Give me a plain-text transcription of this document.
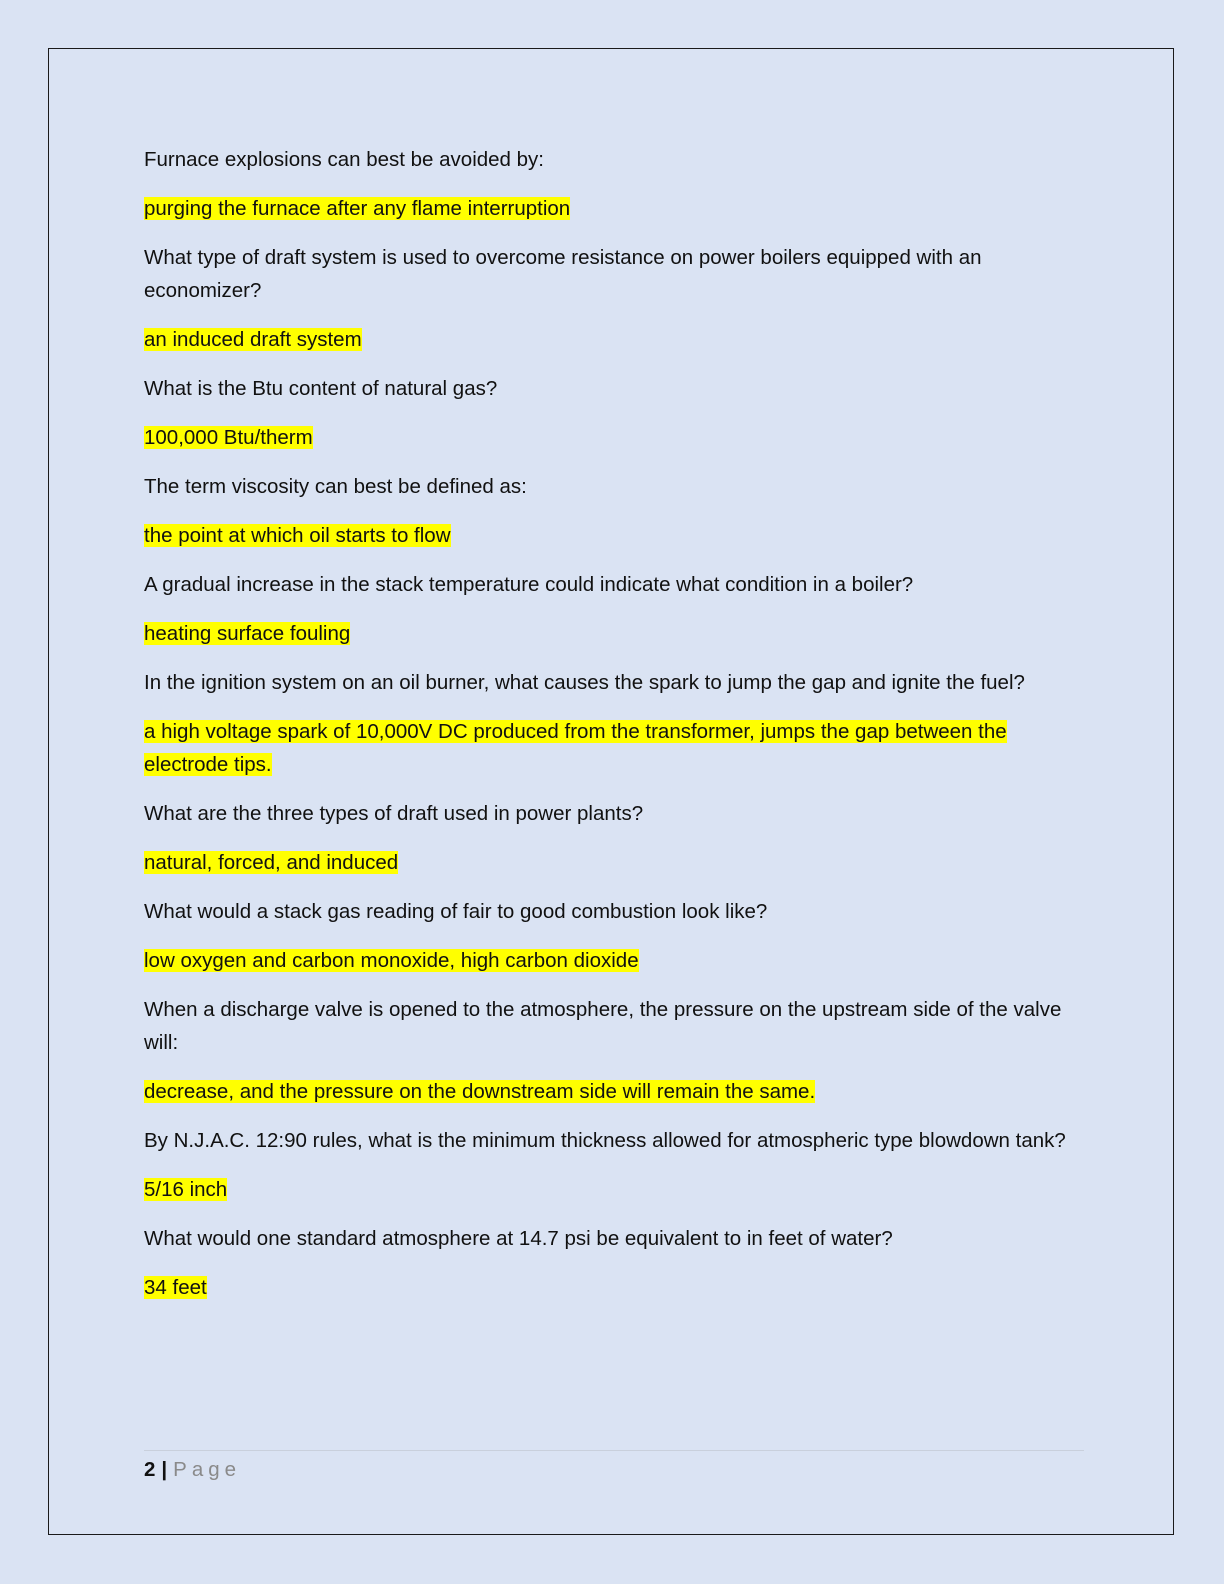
Furnace explosions can best be avoided by:

purging the furnace after any flame interruption

What type of draft system is used to overcome resistance on power boilers equipped with an economizer?

an induced draft system

What is the Btu content of natural gas?

100,000 Btu/therm

The term viscosity can best be defined as:

the point at which oil starts to flow

A gradual increase in the stack temperature could indicate what condition in a boiler?

heating surface fouling

In the ignition system on an oil burner, what causes the spark to jump the gap and ignite the fuel?

a high voltage spark of 10,000V DC produced from the transformer, jumps the gap between the electrode tips.

What are the three types of draft used in power plants?

natural, forced, and induced

What would a stack gas reading of fair to good combustion look like?

low oxygen and carbon monoxide, high carbon dioxide

When a discharge valve is opened to the atmosphere, the pressure on the upstream side of the valve will:

decrease, and the pressure on the downstream side will remain the same.

By N.J.A.C. 12:90 rules, what is the minimum thickness allowed for atmospheric type blowdown tank?

5/16 inch

What would one standard atmosphere at 14.7 psi be equivalent to in feet of water?

34 feet

2 | Page
